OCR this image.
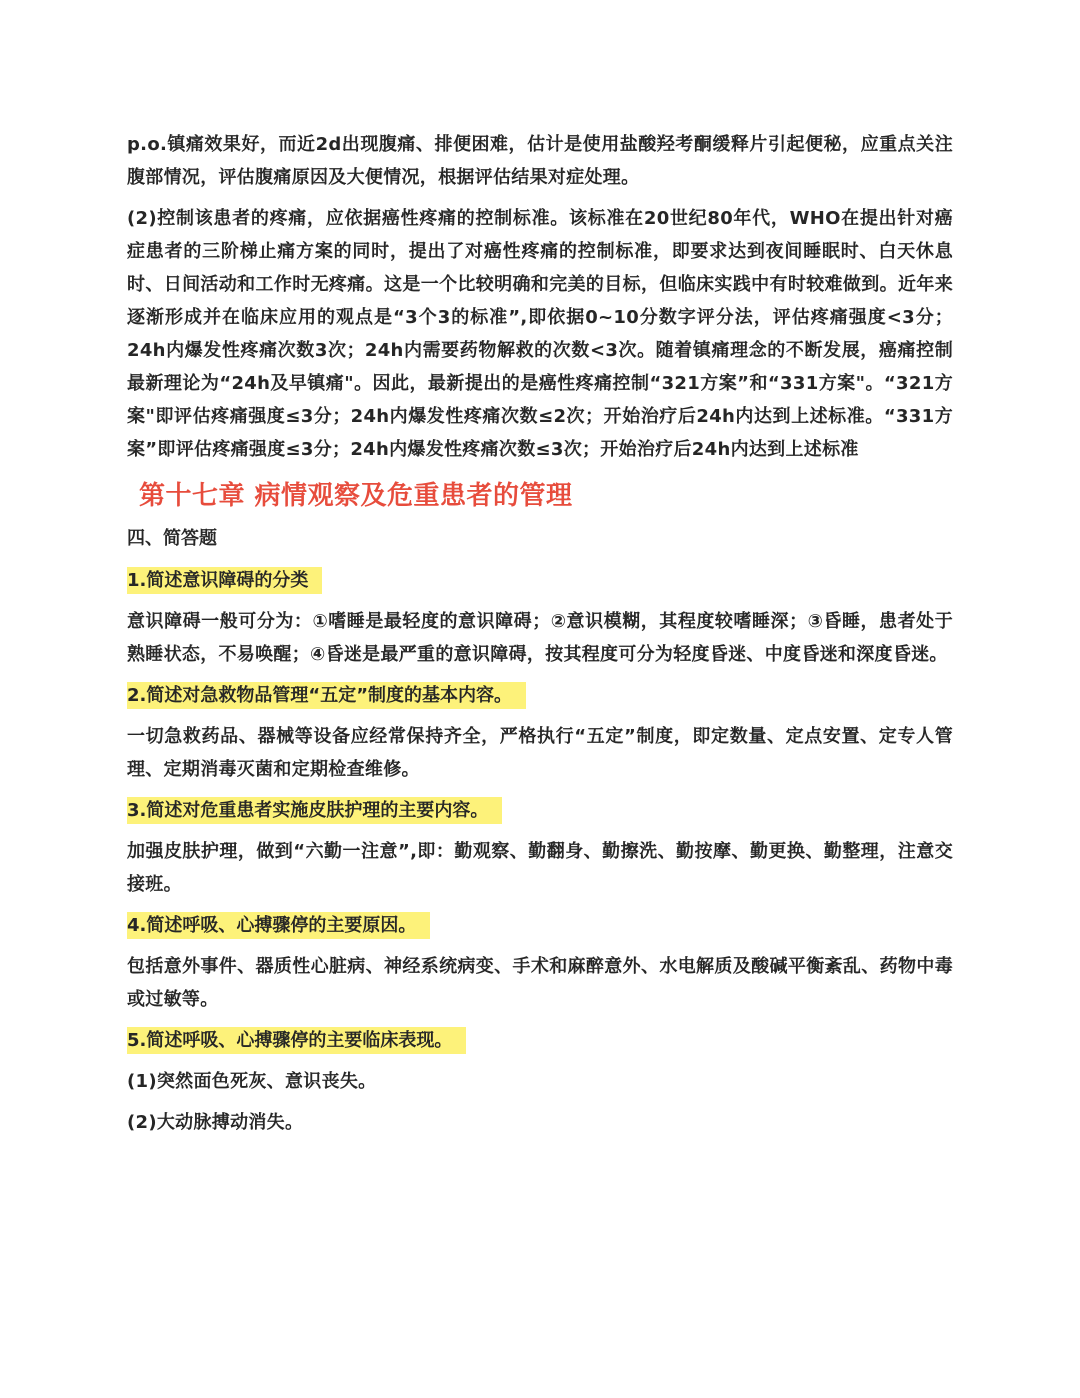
p.o.镇痛效果好，而近2d出现腹痛、排便困难，估计是使用盐酸羟考酮缓释片引起便秘，应重点关注腹部情况，评估腹痛原因及大便情况，根据评估结果对症处理。

(2)控制该患者的疼痛，应依据癌性疼痛的控制标准。该标准在20世纪80年代，WHO在提出针对癌症患者的三阶梯止痛方案的同时，提出了对癌性疼痛的控制标准，即要求达到夜间睡眠时、白天休息时、日间活动和工作时无疼痛。这是一个比较明确和完美的目标，但临床实践中有时较难做到。近年来逐渐形成并在临床应用的观点是“3个3的标准”,即依据0~10分数字评分法，评估疼痛强度<3分；24h内爆发性疼痛次数3次；24h内需要药物解救的次数<3次。随着镇痛理念的不断发展，癌痛控制最新理论为“24h及早镇痛"。因此，最新提出的是癌性疼痛控制“321方案”和“331方案"。“321方案"即评估疼痛强度≤3分；24h内爆发性疼痛次数≤2次；开始治疗后24h内达到上述标准。“331方案”即评估疼痛强度≤3分；24h内爆发性疼痛次数≤3次；开始治疗后24h内达到上述标准

第十七章 病情观察及危重患者的管理
四、简答题
1.简述意识障碍的分类

意识障碍一般可分为：①嗜睡是最轻度的意识障碍；②意识模糊，其程度较嗜睡深；③昏睡，患者处于熟睡状态，不易唤醒；④昏迷是最严重的意识障碍，按其程度可分为轻度昏迷、中度昏迷和深度昏迷。

2.简述对急救物品管理“五定”制度的基本内容。

一切急救药品、器械等设备应经常保持齐全，严格执行“五定”制度，即定数量、定点安置、定专人管理、定期消毒灭菌和定期检查维修。

3.简述对危重患者实施皮肤护理的主要内容。

加强皮肤护理，做到“六勤一注意”,即：勤观察、勤翻身、勤擦洗、勤按摩、勤更换、勤整理，注意交接班。

4.简述呼吸、心搏骤停的主要原因。

包括意外事件、器质性心脏病、神经系统病变、手术和麻醉意外、水电解质及酸碱平衡紊乱、药物中毒或过敏等。

5.简述呼吸、心搏骤停的主要临床表现。

(1)突然面色死灰、意识丧失。

(2)大动脉搏动消失。
